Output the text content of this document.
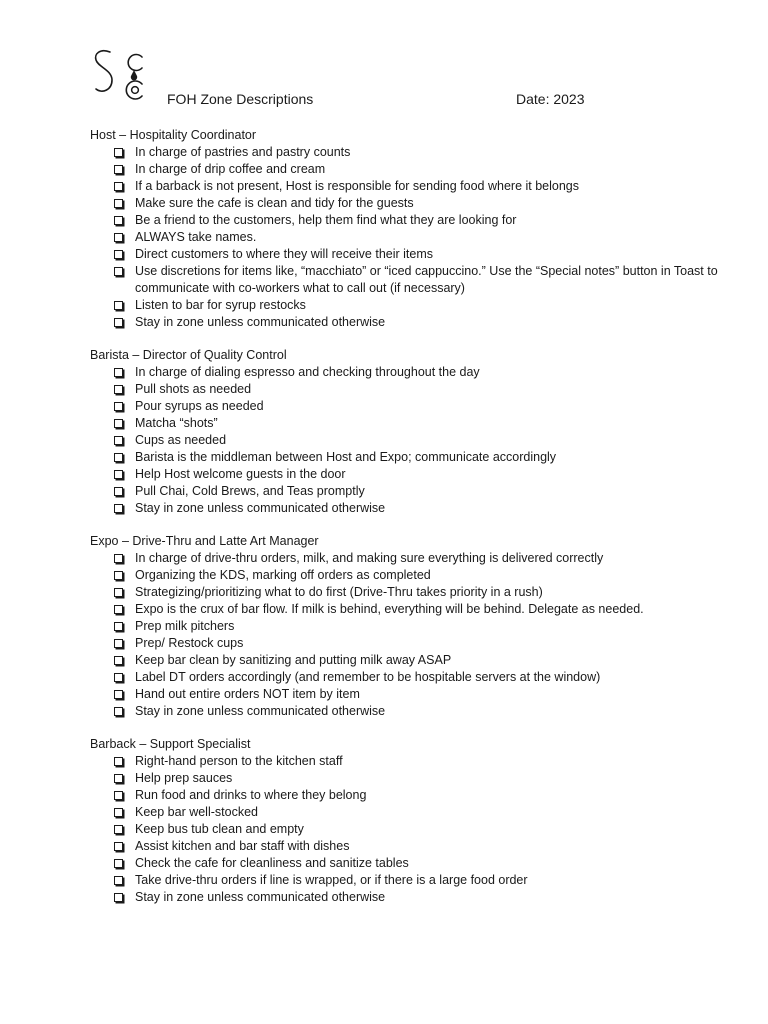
FOH Zone Descriptions	Date: 2023
Host – Hospitality Coordinator
In charge of pastries and pastry counts
In charge of drip coffee and cream
If a barback is not present, Host is responsible for sending food where it belongs
Make sure the cafe is clean and tidy for the guests
Be a friend to the customers, help them find what they are looking for
ALWAYS take names.
Direct customers to where they will receive their items
Use discretions for items like, “macchiato” or “iced cappuccino.” Use the “Special notes” button in Toast to communicate with co-workers what to call out (if necessary)
Listen to bar for syrup restocks
Stay in zone unless communicated otherwise
Barista – Director of Quality Control
In charge of dialing espresso and checking throughout the day
Pull shots as needed
Pour syrups as needed
Matcha “shots”
Cups as needed
Barista is the middleman between Host and Expo; communicate accordingly
Help Host welcome guests in the door
Pull Chai, Cold Brews, and Teas promptly
Stay in zone unless communicated otherwise
Expo – Drive-Thru and Latte Art Manager
In charge of drive-thru orders, milk, and making sure everything is delivered correctly
Organizing the KDS, marking off orders as completed
Strategizing/prioritizing what to do first (Drive-Thru takes priority in a rush)
Expo is the crux of bar flow. If milk is behind, everything will be behind. Delegate as needed.
Prep milk pitchers
Prep/ Restock cups
Keep bar clean by sanitizing and putting milk away ASAP
Label DT orders accordingly (and remember to be hospitable servers at the window)
Hand out entire orders NOT item by item
Stay in zone unless communicated otherwise
Barback – Support Specialist
Right-hand person to the kitchen staff
Help prep sauces
Run food and drinks to where they belong
Keep bar well-stocked
Keep bus tub clean and empty
Assist kitchen and bar staff with dishes
Check the cafe for cleanliness and sanitize tables
Take drive-thru orders if line is wrapped, or if there is a large food order
Stay in zone unless communicated otherwise
